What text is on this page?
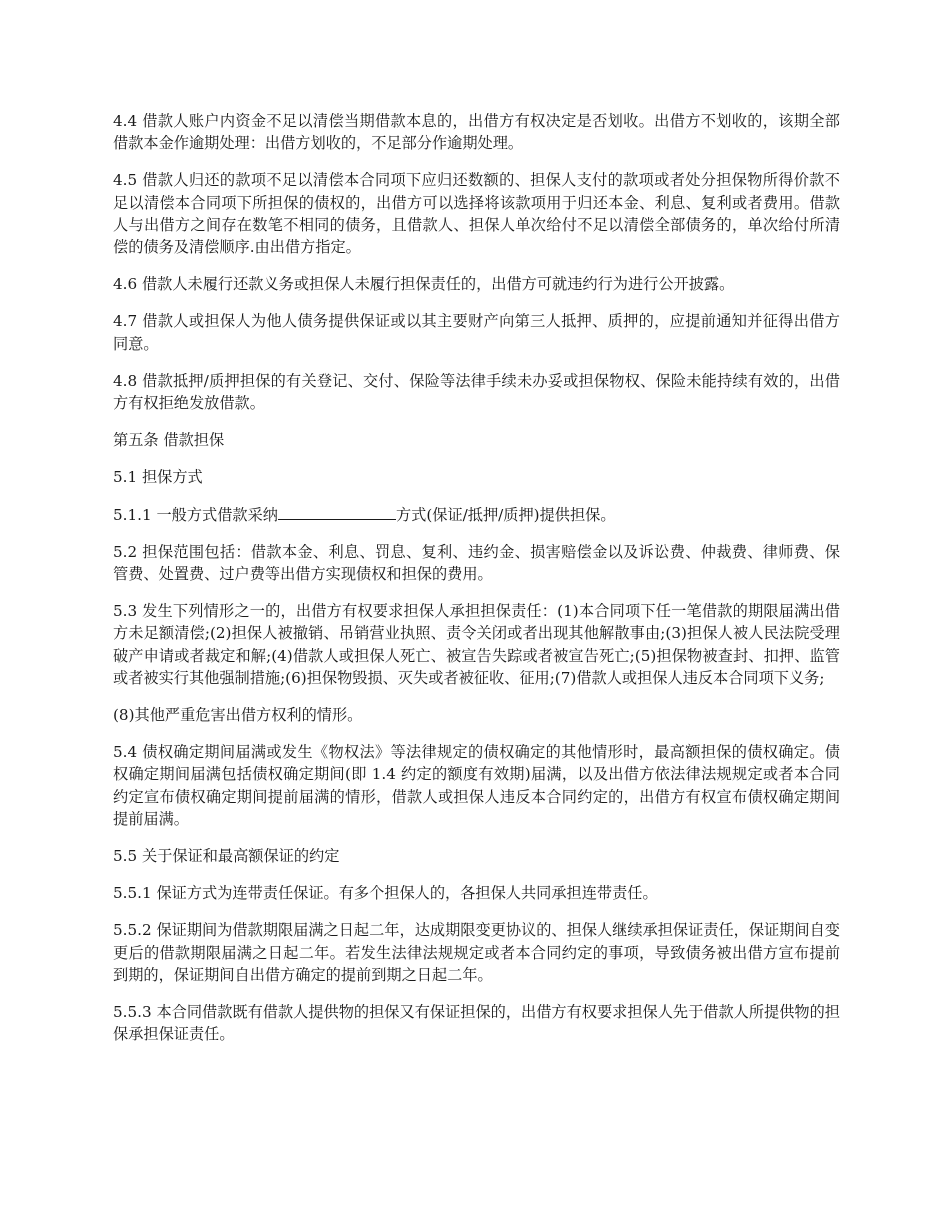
4.4 借款人账户内资金不足以清偿当期借款本息的，出借方有权决定是否划收。出借方不划收的，该期全部借款本金作逾期处理：出借方划收的，不足部分作逾期处理。

4.5 借款人归还的款项不足以清偿本合同项下应归还数额的、担保人支付的款项或者处分担保物所得价款不足以清偿本合同项下所担保的债权的，出借方可以选择将该款项用于归还本金、利息、复利或者费用。借款人与出借方之间存在数笔不相同的债务，且借款人、担保人单次给付不足以清偿全部债务的，单次给付所清偿的债务及清偿顺序.由出借方指定。

4.6 借款人未履行还款义务或担保人未履行担保责任的，出借方可就违约行为进行公开披露。

4.7 借款人或担保人为他人债务提供保证或以其主要财产向第三人抵押、质押的，应提前通知并征得出借方同意。

4.8 借款抵押/质押担保的有关登记、交付、保险等法律手续未办妥或担保物权、保险未能持续有效的，出借方有权拒绝发放借款。

第五条 借款担保

5.1 担保方式

5.1.1 一般方式借款采纳	方式(保证/抵押/质押)提供担保。

5.2 担保范围包括：借款本金、利息、罚息、复利、违约金、损害赔偿金以及诉讼费、仲裁费、律师费、保管费、处置费、过户费等出借方实现债权和担保的费用。

5.3 发生下列情形之一的，出借方有权要求担保人承担担保责任：(1)本合同项下任一笔借款的期限届满出借方未足额清偿;(2)担保人被撤销、吊销营业执照、责令关闭或者出现其他解散事由;(3)担保人被人民法院受理破产申请或者裁定和解;(4)借款人或担保人死亡、被宣告失踪或者被宣告死亡;(5)担保物被查封、扣押、监管或者被实行其他强制措施;(6)担保物毁损、灭失或者被征收、征用;(7)借款人或担保人违反本合同项下义务;

(8)其他严重危害出借方权利的情形。

5.4 债权确定期间届满或发生《物权法》等法律规定的债权确定的其他情形时，最高额担保的债权确定。债权确定期间届满包括债权确定期间(即 1.4 约定的额度有效期)届满，以及出借方依法律法规规定或者本合同约定宣布债权确定期间提前届满的情形，借款人或担保人违反本合同约定的，出借方有权宣布债权确定期间提前届满。

5.5 关于保证和最高额保证的约定

5.5.1 保证方式为连带责任保证。有多个担保人的，各担保人共同承担连带责任。

5.5.2 保证期间为借款期限届满之日起二年，达成期限变更协议的、担保人继续承担保证责任，保证期间自变更后的借款期限届满之日起二年。若发生法律法规规定或者本合同约定的事项，导致债务被出借方宣布提前到期的，保证期间自出借方确定的提前到期之日起二年。

5.5.3 本合同借款既有借款人提供物的担保又有保证担保的，出借方有权要求担保人先于借款人所提供物的担保承担保证责任。
